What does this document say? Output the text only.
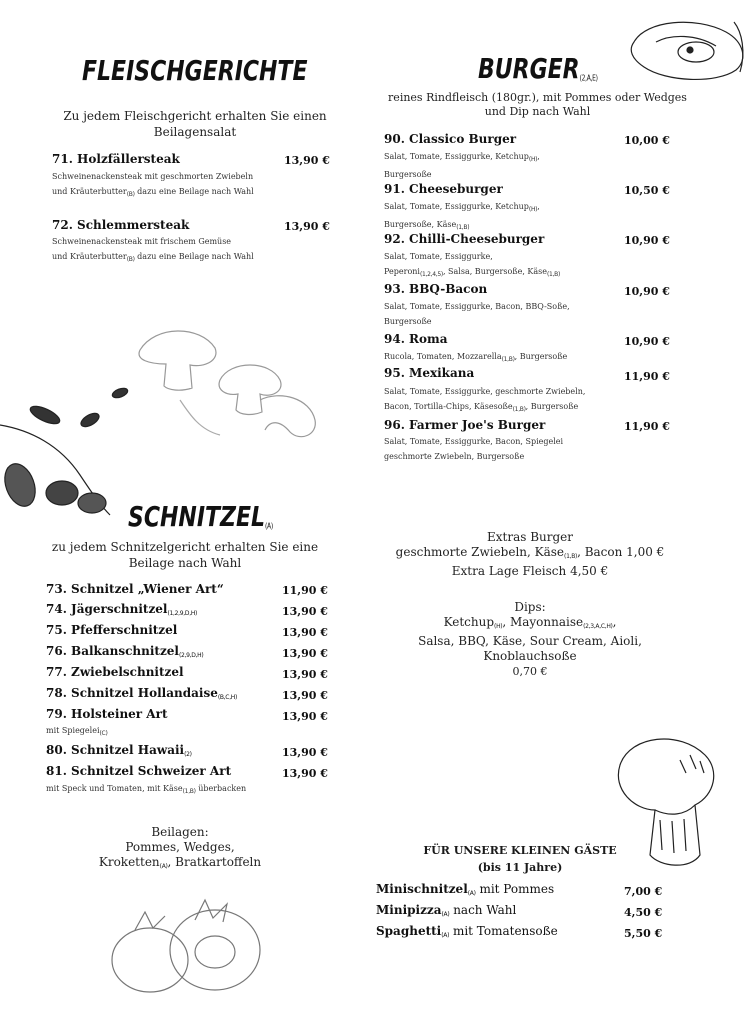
FLEISCHGERICHTE
Zu jedem Fleischgericht erhalten Sie einen
Beilagensalat
71. Holzfällersteak	13,90 €
Schweinenackensteak mit geschmorten Zwiebeln
und Kräuterbutter$_{(B)}$ dazu eine Beilage nach Wahl
72. Schlemmersteak	13,90 €
Schweinenackensteak mit frischem Gemüse
und Kräuterbutter$_{(B)}$ dazu eine Beilage nach Wahl
$BURGER_{(2,A,E)}$
reines Rindfleisch (180gr.), mit Pommes oder Wedges
und Dip nach Wahl
90. Classico Burger	10,00 €
Salat, Tomate, Essiggurke, Ketchup$_{(H)}$,
Burgersoße
91. Cheeseburger	10,50 €
Salat, Tomate, Essiggurke, Ketchup$_{(H)}$,
Burgersoße, Käse$_{(1,B)}$
92. Chilli-Cheeseburger	10,90 €
Salat, Tomate, Essiggurke,
Peperoni$_{(1,2,4,5)}$, Salsa, Burgersoße, Käse$_{(1,B)}$
93. BBQ-Bacon	10,90 €
Salat, Tomate, Essiggurke, Bacon, BBQ-Soße,
Burgersoße
94. Roma	10,90 €
Rucola, Tomaten, Mozzarella$_{(1,B)}$, Burgersoße
95. Mexikana	11,90 €
Salat, Tomate, Essiggurke, geschmorte Zwiebeln,
Bacon, Tortilla-Chips, Käsesoße$_{(1,B)}$, Burgersoße
96. Farmer Joe's Burger	11,90 €
Salat, Tomate, Essiggurke, Bacon, Spiegelei
geschmorte Zwiebeln, Burgersoße
Extras Burger
geschmorte Zwiebeln, Käse$_{(1,B)}$, Bacon 1,00 €
Extra Lage Fleisch 4,50 €
Dips:
Ketchup$_{(H)}$, Mayonnaise$_{(2,3,A,C,H)}$,
Salsa, BBQ, Käse, Sour Cream, Aioli,
Knoblauchsoße
0,70 €
$SCHNITZEL_{(A)}$
zu jedem Schnitzelgericht erhalten Sie eine
Beilage nach Wahl
73. Schnitzel „Wiener Art“	11,90 €
74. Jägerschnitzel$_{(1,2,9,D,H)}$	13,90 €
75. Pfefferschnitzel	13,90 €
76. Balkanschnitzel$_{(2,9,D,H)}$	13,90 €
77. Zwiebelschnitzel	13,90 €
78. Schnitzel Hollandaise$_{(B,C,H)}$	13,90 €
79. Holsteiner Art	13,90 €
mit Spiegelei$_{(C)}$
80. Schnitzel Hawaii$_{(2)}$	13,90 €
81. Schnitzel Schweizer Art	13,90 €
mit Speck und Tomaten, mit Käse$_{(1,B)}$ überbacken
Beilagen:
Pommes, Wedges,
Kroketten$_{(A)}$, Bratkartoffeln
FÜR UNSERE KLEINEN GÄSTE
(bis 11 Jahre)
Minischnitzel$_{(A)}$ mit Pommes	7,00 €
Minipizza$_{(A)}$ nach Wahl	4,50 €
Spaghetti$_{(A)}$ mit Tomatensoße	5,50 €
